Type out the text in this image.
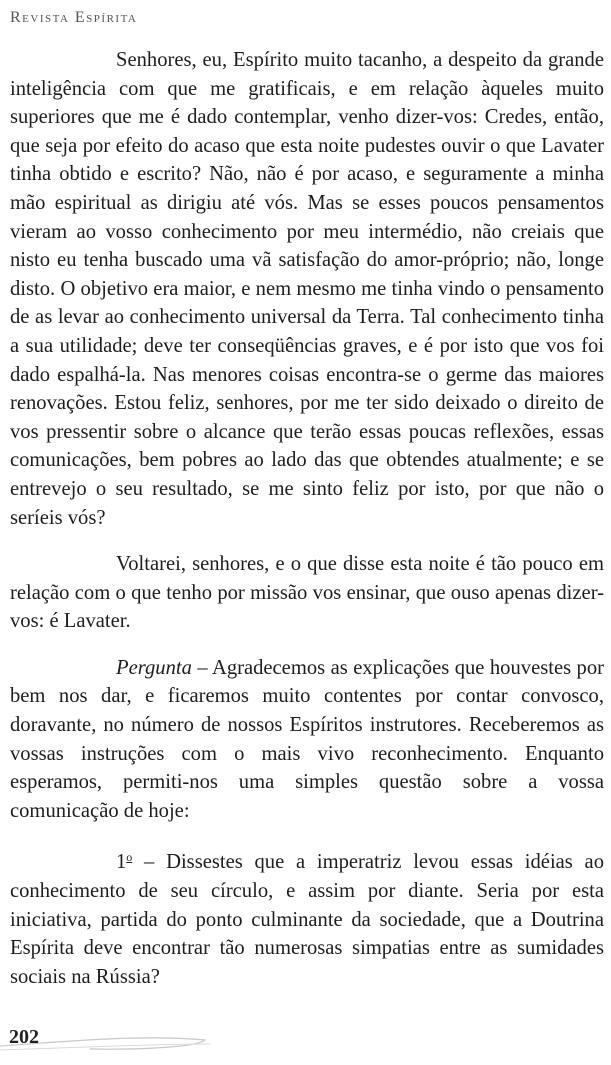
Revista Espírita

Senhores, eu, Espírito muito tacanho, a despeito da grande inteligência com que me gratificais, e em relação àqueles muito superiores que me é dado contemplar, venho dizer-vos: Credes, então, que seja por efeito do acaso que esta noite pudestes ouvir o que Lavater tinha obtido e escrito? Não, não é por acaso, e seguramente a minha mão espiritual as dirigiu até vós. Mas se esses poucos pensamentos vieram ao vosso conhecimento por meu intermédio, não creiais que nisto eu tenha buscado uma vã satisfação do amor-próprio; não, longe disto. O objetivo era maior, e nem mesmo me tinha vindo o pensamento de as levar ao conhecimento universal da Terra. Tal conhecimento tinha a sua utilidade; deve ter conseqüências graves, e é por isto que vos foi dado espalhá-la. Nas menores coisas encontra-se o germe das maiores renovações. Estou feliz, senhores, por me ter sido deixado o direito de vos pressentir sobre o alcance que terão essas poucas reflexões, essas comunicações, bem pobres ao lado das que obtendes atualmente; e se entrevejo o seu resultado, se me sinto feliz por isto, por que não o seríeis vós?

Voltarei, senhores, e o que disse esta noite é tão pouco em relação com o que tenho por missão vos ensinar, que ouso apenas dizer-vos: é Lavater.

Pergunta – Agradecemos as explicações que houvestes por bem nos dar, e ficaremos muito contentes por contar convosco, doravante, no número de nossos Espíritos instrutores. Receberemos as vossas instruções com o mais vivo reconhecimento. Enquanto esperamos, permiti-nos uma simples questão sobre a vossa comunicação de hoje:

1$^o$ – Dissestes que a imperatriz levou essas idéias ao conhecimento de seu círculo, e assim por diante. Seria por esta iniciativa, partida do ponto culminante da sociedade, que a Doutrina Espírita deve encontrar tão numerosas simpatias entre as sumidades sociais na Rússia?

202
